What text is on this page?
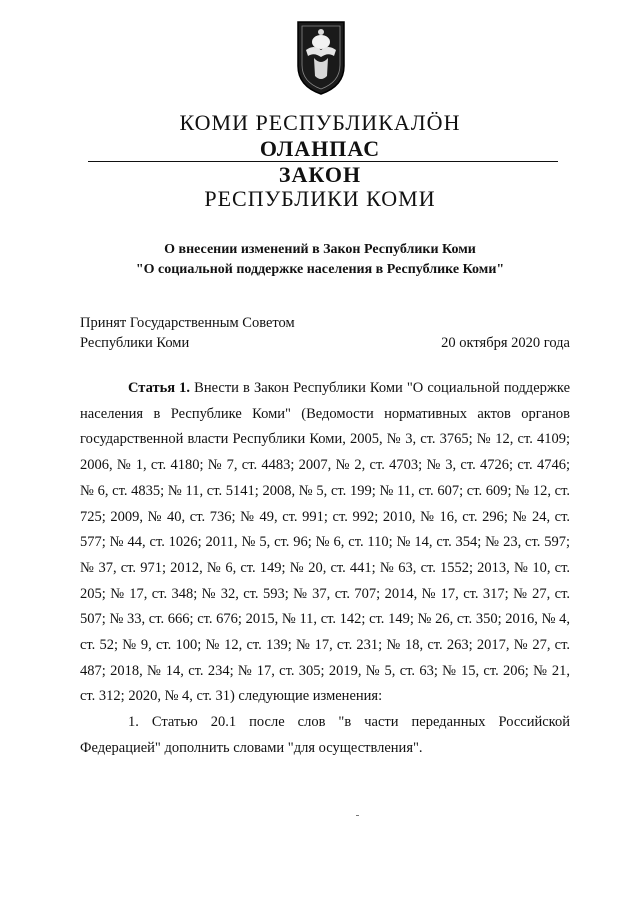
КОМИ РЕСПУБЛИКАЛÖН
ОЛАНПАС
ЗАКОН
РЕСПУБЛИКИ КОМИ
О внесении изменений в Закон Республики Коми
"О социальной поддержке населения в Республике Коми"
Принят Государственным Советом
Республики Коми	20 октября 2020 года

Статья 1. Внести в Закон Республики Коми "О социальной поддержке населения в Республике Коми" (Ведомости нормативных актов органов государственной власти Республики Коми, 2005, № 3, ст. 3765; № 12, ст. 4109; 2006, № 1, ст. 4180; № 7, ст. 4483; 2007, № 2, ст. 4703; № 3, ст. 4726; ст. 4746; № 6, ст. 4835; № 11, ст. 5141; 2008, № 5, ст. 199; № 11, ст. 607; ст. 609; № 12, ст. 725; 2009, № 40, ст. 736; № 49, ст. 991; ст. 992; 2010, № 16, ст. 296; № 24, ст. 577; № 44, ст. 1026; 2011, № 5, ст. 96; № 6, ст. 110; № 14, ст. 354; № 23, ст. 597; № 37, ст. 971; 2012, № 6, ст. 149; № 20, ст. 441; № 63, ст. 1552; 2013, № 10, ст. 205; № 17, ст. 348; № 32, ст. 593; № 37, ст. 707; 2014, № 17, ст. 317; № 27, ст. 507; № 33, ст. 666; ст. 676; 2015, № 11, ст. 142; ст. 149; № 26, ст. 350; 2016, № 4, ст. 52; № 9, ст. 100; № 12, ст. 139; № 17, ст. 231; № 18, ст. 263; 2017, № 27, ст. 487; 2018, № 14, ст. 234; № 17, ст. 305; 2019, № 5, ст. 63; № 15, ст. 206; № 21, ст. 312; 2020, № 4, ст. 31) следующие изменения:

1. Статью 20.1 после слов "в части переданных Российской Федерацией" дополнить словами "для осуществления".
